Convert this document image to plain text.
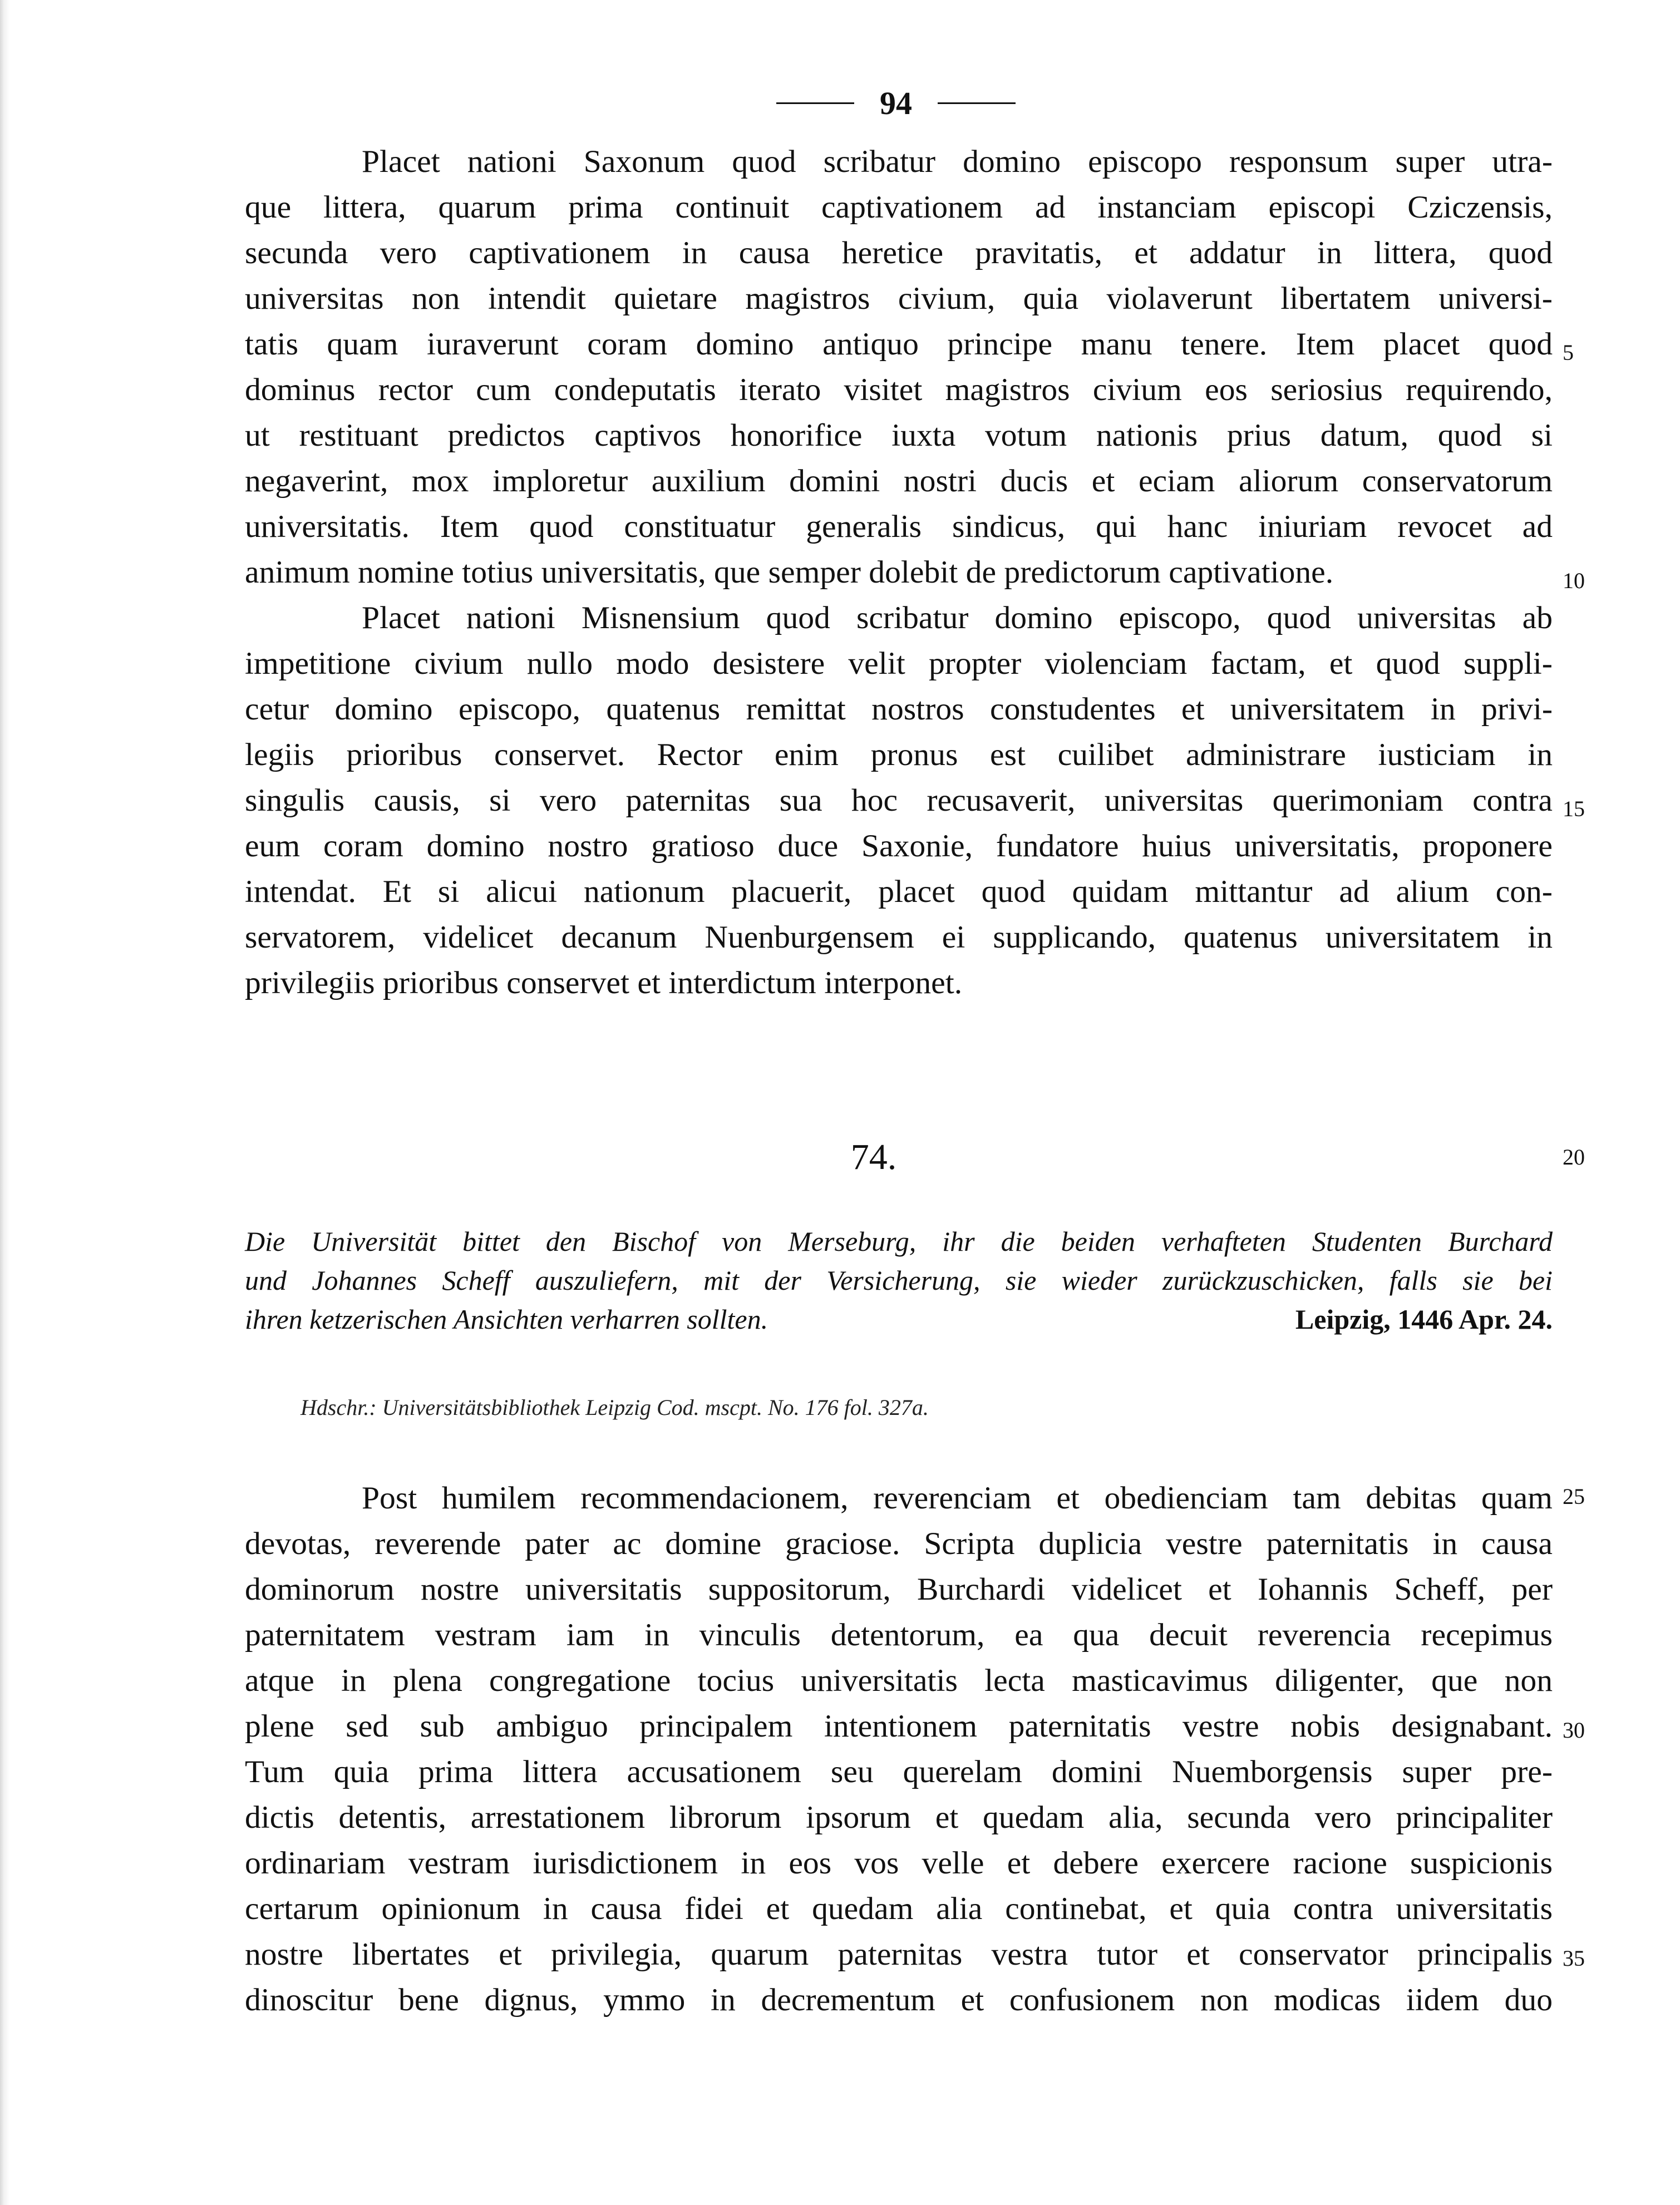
94
Placet nationi Saxonum quod scribatur domino episcopo responsum super utra-
que littera, quarum prima continuit captivationem ad instanciam episcopi Cziczensis,
secunda vero captivationem in causa heretice pravitatis, et addatur in littera, quod
universitas non intendit quietare magistros civium, quia violaverunt libertatem universi-
tatis quam iuraverunt coram domino antiquo principe manu tenere. Item placet quod
dominus rector cum condeputatis iterato visitet magistros civium eos seriosius requirendo,
ut restituant predictos captivos honorifice iuxta votum nationis prius datum, quod si
negaverint, mox imploretur auxilium domini nostri ducis et eciam aliorum conservatorum
universitatis. Item quod constituatur generalis sindicus, qui hanc iniuriam revocet ad
animum nomine totius universitatis, que semper dolebit de predictorum captivatione.
Placet nationi Misnensium quod scribatur domino episcopo, quod universitas ab
impetitione civium nullo modo desistere velit propter violenciam factam, et quod suppli-
cetur domino episcopo, quatenus remittat nostros constudentes et universitatem in privi-
legiis prioribus conservet. Rector enim pronus est cuilibet administrare iusticiam in
singulis causis, si vero paternitas sua hoc recusaverit, universitas querimoniam contra
eum coram domino nostro gratioso duce Saxonie, fundatore huius universitatis, proponere
intendat. Et si alicui nationum placuerit, placet quod quidam mittantur ad alium con-
servatorem, videlicet decanum Nuenburgensem ei supplicando, quatenus universitatem in
privilegiis prioribus conservet et interdictum interponet.
5
10
15
20
25
30
35
74.
Die Universität bittet den Bischof von Merseburg, ihr die beiden verhafteten Studenten Burchard
und Johannes Scheff auszuliefern, mit der Versicherung, sie wieder zurückzuschicken, falls sie bei
ihren ketzerischen Ansichten verharren sollten.	Leipzig, 1446 Apr. 24.
Hdschr.: Universitätsbibliothek Leipzig Cod. mscpt. No. 176 fol. 327a.
Post humilem recommendacionem, reverenciam et obedienciam tam debitas quam
devotas, reverende pater ac domine graciose. Scripta duplicia vestre paternitatis in causa
dominorum nostre universitatis suppositorum, Burchardi videlicet et Iohannis Scheff, per
paternitatem vestram iam in vinculis detentorum, ea qua decuit reverencia recepimus
atque in plena congregatione tocius universitatis lecta masticavimus diligenter, que non
plene sed sub ambiguo principalem intentionem paternitatis vestre nobis designabant.
Tum quia prima littera accusationem seu querelam domini Nuemborgensis super pre-
dictis detentis, arrestationem librorum ipsorum et quedam alia, secunda vero principaliter
ordinariam vestram iurisdictionem in eos vos velle et debere exercere racione suspicionis
certarum opinionum in causa fidei et quedam alia continebat, et quia contra universitatis
nostre libertates et privilegia, quarum paternitas vestra tutor et conservator principalis
dinoscitur bene dignus, ymmo in decrementum et confusionem non modicas iidem duo
